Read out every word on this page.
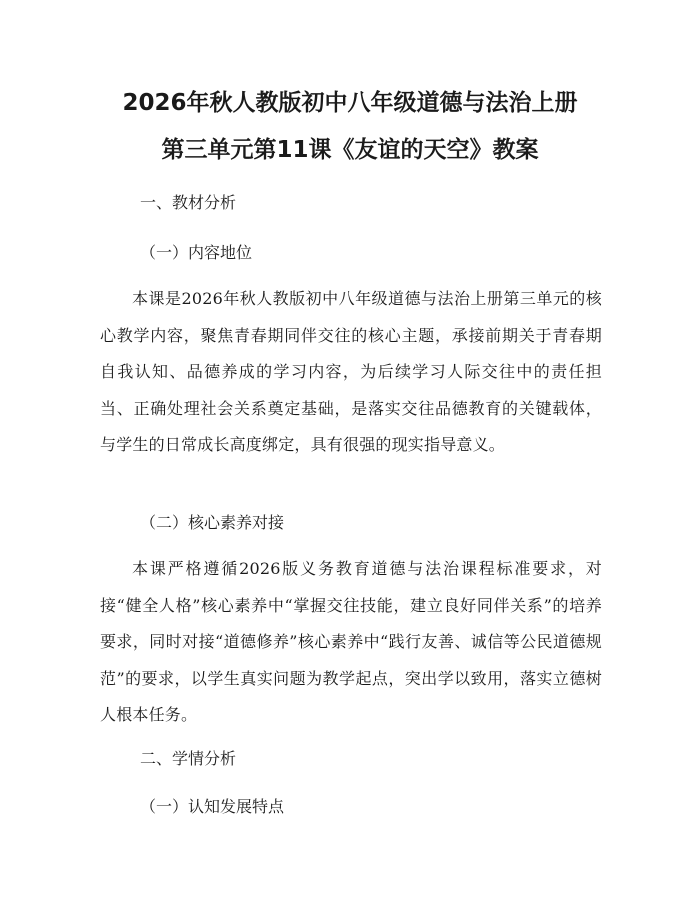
2026年秋人教版初中八年级道德与法治上册
第三单元第11课《友谊的天空》教案

一、教材分析

（一）内容地位

本课是2026年秋人教版初中八年级道德与法治上册第三单元的核心教学内容，聚焦青春期同伴交往的核心主题，承接前期关于青春期自我认知、品德养成的学习内容，为后续学习人际交往中的责任担当、正确处理社会关系奠定基础，是落实交往品德教育的关键载体，与学生的日常成长高度绑定，具有很强的现实指导意义。

（二）核心素养对接

本课严格遵循2026版义务教育道德与法治课程标准要求，对接“健全人格”核心素养中“掌握交往技能，建立良好同伴关系”的培养要求，同时对接“道德修养”核心素养中“践行友善、诚信等公民道德规范”的要求，以学生真实问题为教学起点，突出学以致用，落实立德树人根本任务。

二、学情分析

（一）认知发展特点
